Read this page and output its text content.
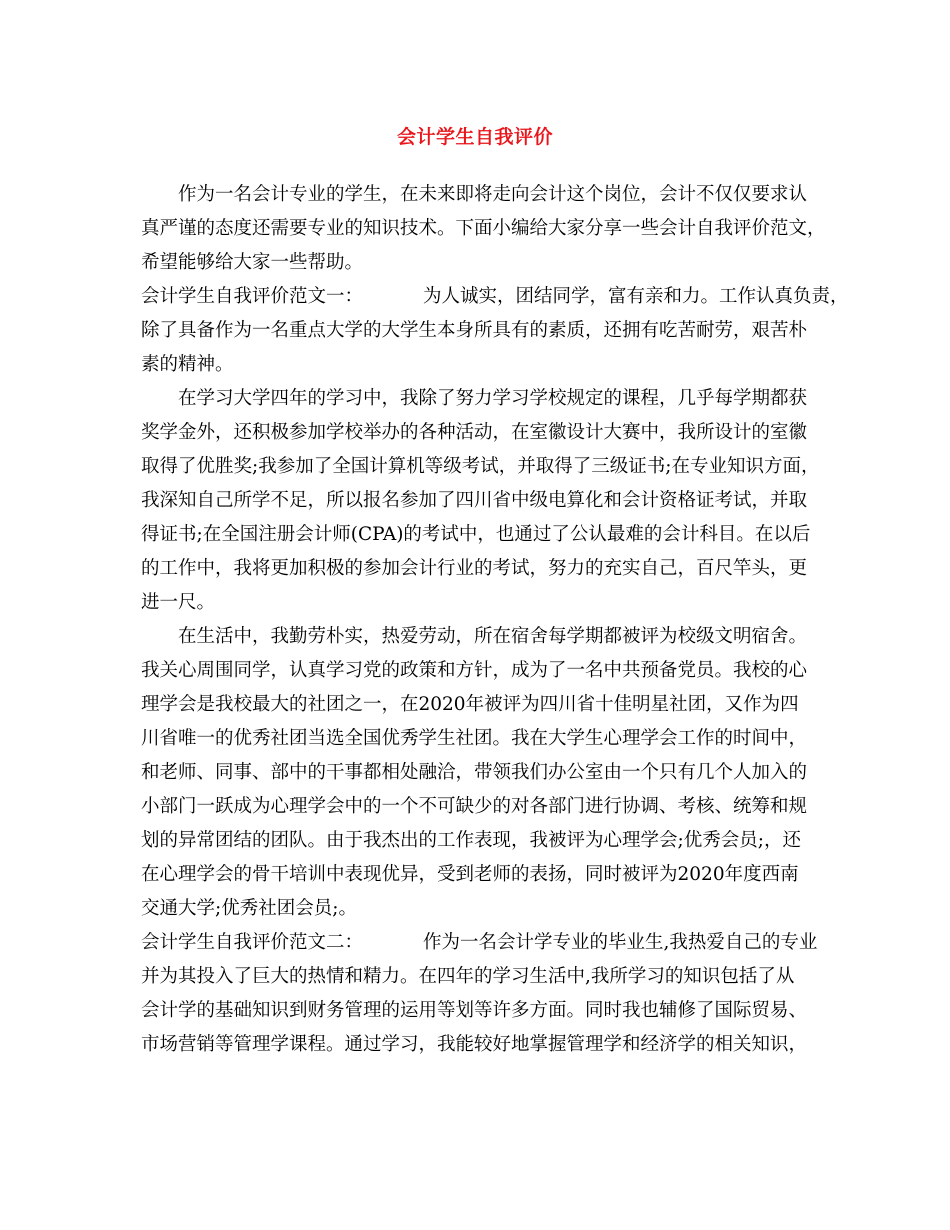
会计学生自我评价
作为一名会计专业的学生，在未来即将走向会计这个岗位，会计不仅仅要求认
真严谨的态度还需要专业的知识技术。下面小编给大家分享一些会计自我评价范文，
希望能够给大家一些帮助。
会计学生自我评价范文一：	为人诚实，团结同学，富有亲和力。工作认真负责，
除了具备作为一名重点大学的大学生本身所具有的素质，还拥有吃苦耐劳，艰苦朴
素的精神。
在学习大学四年的学习中，我除了努力学习学校规定的课程，几乎每学期都获
奖学金外，还积极参加学校举办的各种活动，在室徽设计大赛中，我所设计的室徽
取得了优胜奖;我参加了全国计算机等级考试，并取得了三级证书;在专业知识方面，
我深知自己所学不足，所以报名参加了四川省中级电算化和会计资格证考试，并取
得证书;在全国注册会计师(CPA)的考试中，也通过了公认最难的会计科目。在以后
的工作中，我将更加积极的参加会计行业的考试，努力的充实自己，百尺竿头，更
进一尺。
在生活中，我勤劳朴实，热爱劳动，所在宿舍每学期都被评为校级文明宿舍。
我关心周围同学，认真学习党的政策和方针，成为了一名中共预备党员。我校的心
理学会是我校最大的社团之一，在2020年被评为四川省十佳明星社团，又作为四
川省唯一的优秀社团当选全国优秀学生社团。我在大学生心理学会工作的时间中，
和老师、同事、部中的干事都相处融洽，带领我们办公室由一个只有几个人加入的
小部门一跃成为心理学会中的一个不可缺少的对各部门进行协调、考核、统筹和规
划的异常团结的团队。由于我杰出的工作表现，我被评为心理学会;优秀会员;，还
在心理学会的骨干培训中表现优异，受到老师的表扬，同时被评为2020年度西南
交通大学;优秀社团会员;。
会计学生自我评价范文二：	作为一名会计学专业的毕业生,我热爱自己的专业
并为其投入了巨大的热情和精力。在四年的学习生活中,我所学习的知识包括了从
会计学的基础知识到财务管理的运用等划等许多方面。同时我也辅修了国际贸易、
市场营销等管理学课程。通过学习，我能较好地掌握管理学和经济学的相关知识，
